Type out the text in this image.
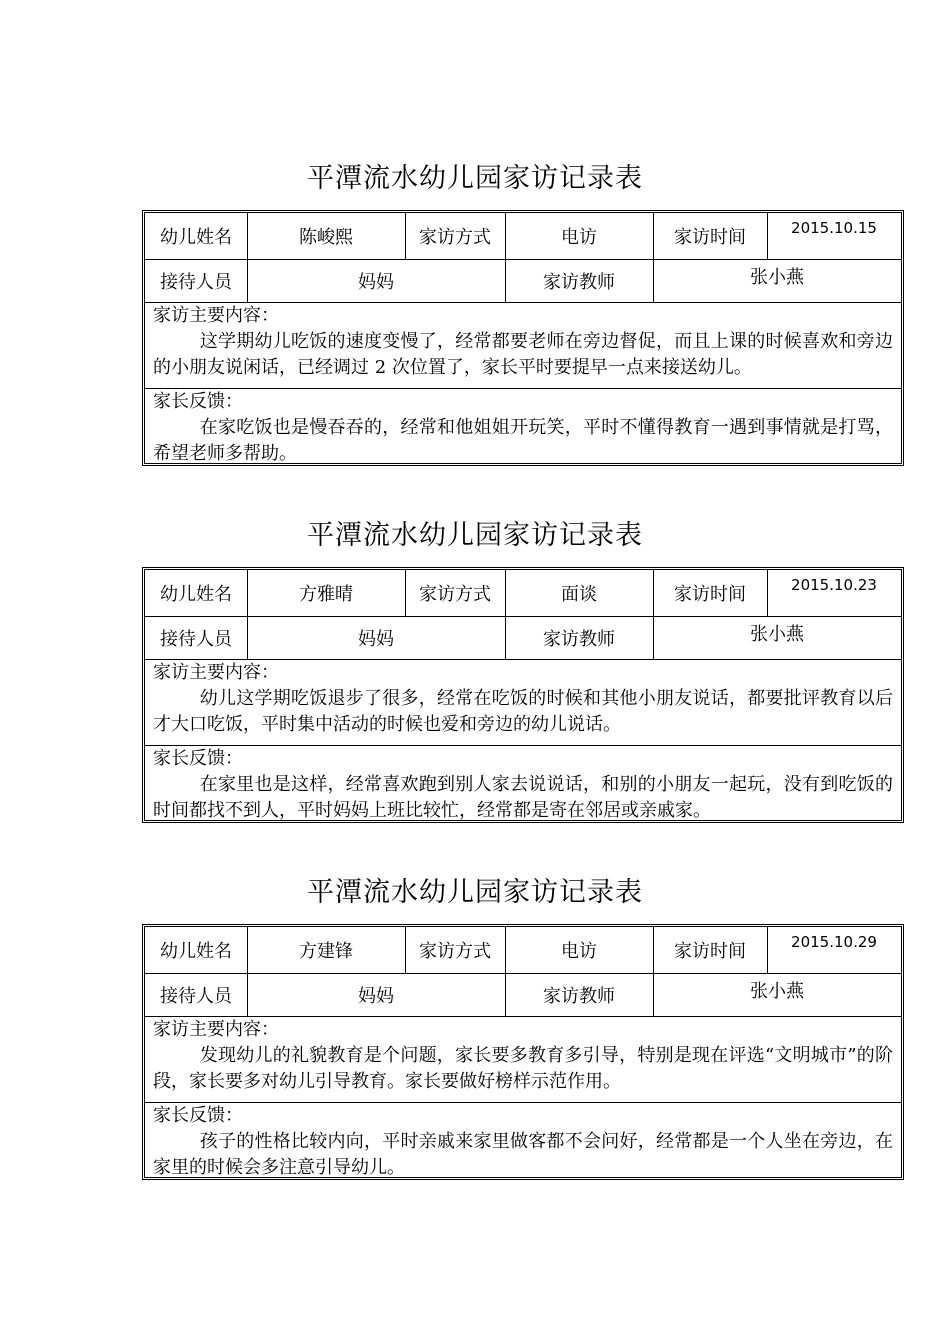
平潭流水幼儿园家访记录表
幼儿姓名	陈峻熙	家访方式	电访	家访时间	2015.10.15
接待人员	妈妈	家访教师	张小燕
家访主要内容：
这学期幼儿吃饭的速度变慢了，经常都要老师在旁边督促，而且上课的时候喜欢和旁边的小朋友说闲话，已经调过 2 次位置了，家长平时要提早一点来接送幼儿。
家长反馈：
在家吃饭也是慢吞吞的，经常和他姐姐开玩笑，平时不懂得教育一遇到事情就是打骂，希望老师多帮助。
平潭流水幼儿园家访记录表
幼儿姓名	方雅晴	家访方式	面谈	家访时间	2015.10.23
接待人员	妈妈	家访教师	张小燕
家访主要内容：
幼儿这学期吃饭退步了很多，经常在吃饭的时候和其他小朋友说话，都要批评教育以后才大口吃饭，平时集中活动的时候也爱和旁边的幼儿说话。
家长反馈：
在家里也是这样，经常喜欢跑到别人家去说说话，和别的小朋友一起玩，没有到吃饭的时间都找不到人，平时妈妈上班比较忙，经常都是寄在邻居或亲戚家。
平潭流水幼儿园家访记录表
幼儿姓名	方建锋	家访方式	电访	家访时间	2015.10.29
接待人员	妈妈	家访教师	张小燕
家访主要内容：
发现幼儿的礼貌教育是个问题，家长要多教育多引导，特别是现在评选“文明城市”的阶段，家长要多对幼儿引导教育。家长要做好榜样示范作用。
家长反馈：
孩子的性格比较内向，平时亲戚来家里做客都不会问好，经常都是一个人坐在旁边，在家里的时候会多注意引导幼儿。
